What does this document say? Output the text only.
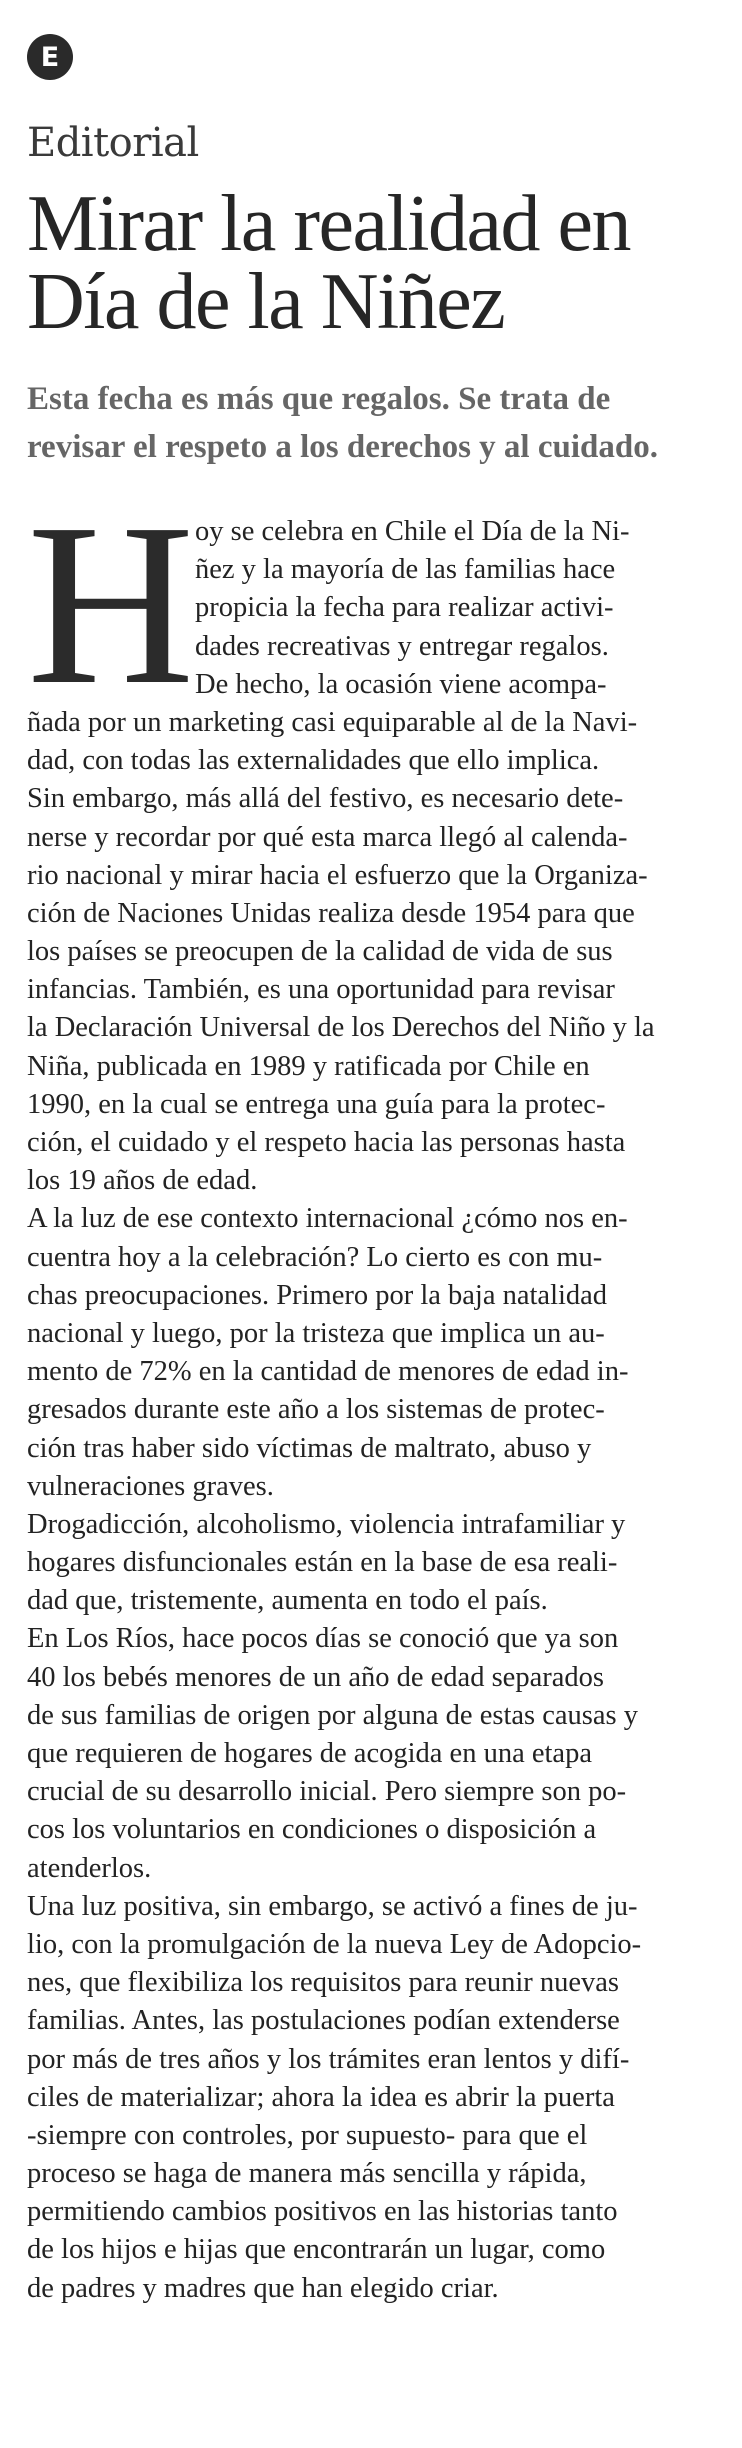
E
Editorial
Mirar la realidad en
Día de la Niñez
Esta fecha es más que regalos. Se trata de
revisar el respeto a los derechos y al cuidado.
H oy se celebra en Chile el Día de la Ni-
ñez y la mayoría de las familias hace
propicia la fecha para realizar activi-
dades recreativas y entregar regalos.
De hecho, la ocasión viene acompa-
ñada por un marketing casi equiparable al de la Navi-
dad, con todas las externalidades que ello implica.
Sin embargo, más allá del festivo, es necesario dete-
nerse y recordar por qué esta marca llegó al calenda-
rio nacional y mirar hacia el esfuerzo que la Organiza-
ción de Naciones Unidas realiza desde 1954 para que
los países se preocupen de la calidad de vida de sus
infancias. También, es una oportunidad para revisar
la Declaración Universal de los Derechos del Niño y la
Niña, publicada en 1989 y ratificada por Chile en
1990, en la cual se entrega una guía para la protec-
ción, el cuidado y el respeto hacia las personas hasta
los 19 años de edad.
A la luz de ese contexto internacional ¿cómo nos en-
cuentra hoy a la celebración? Lo cierto es con mu-
chas preocupaciones. Primero por la baja natalidad
nacional y luego, por la tristeza que implica un au-
mento de 72% en la cantidad de menores de edad in-
gresados durante este año a los sistemas de protec-
ción tras haber sido víctimas de maltrato, abuso y
vulneraciones graves.
Drogadicción, alcoholismo, violencia intrafamiliar y
hogares disfuncionales están en la base de esa reali-
dad que, tristemente, aumenta en todo el país.
En Los Ríos, hace pocos días se conoció que ya son
40 los bebés menores de un año de edad separados
de sus familias de origen por alguna de estas causas y
que requieren de hogares de acogida en una etapa
crucial de su desarrollo inicial. Pero siempre son po-
cos los voluntarios en condiciones o disposición a
atenderlos.
Una luz positiva, sin embargo, se activó a fines de ju-
lio, con la promulgación de la nueva Ley de Adopcio-
nes, que flexibiliza los requisitos para reunir nuevas
familias. Antes, las postulaciones podían extenderse
por más de tres años y los trámites eran lentos y difí-
ciles de materializar; ahora la idea es abrir la puerta
-siempre con controles, por supuesto- para que el
proceso se haga de manera más sencilla y rápida,
permitiendo cambios positivos en las historias tanto
de los hijos e hijas que encontrarán un lugar, como
de padres y madres que han elegido criar.
